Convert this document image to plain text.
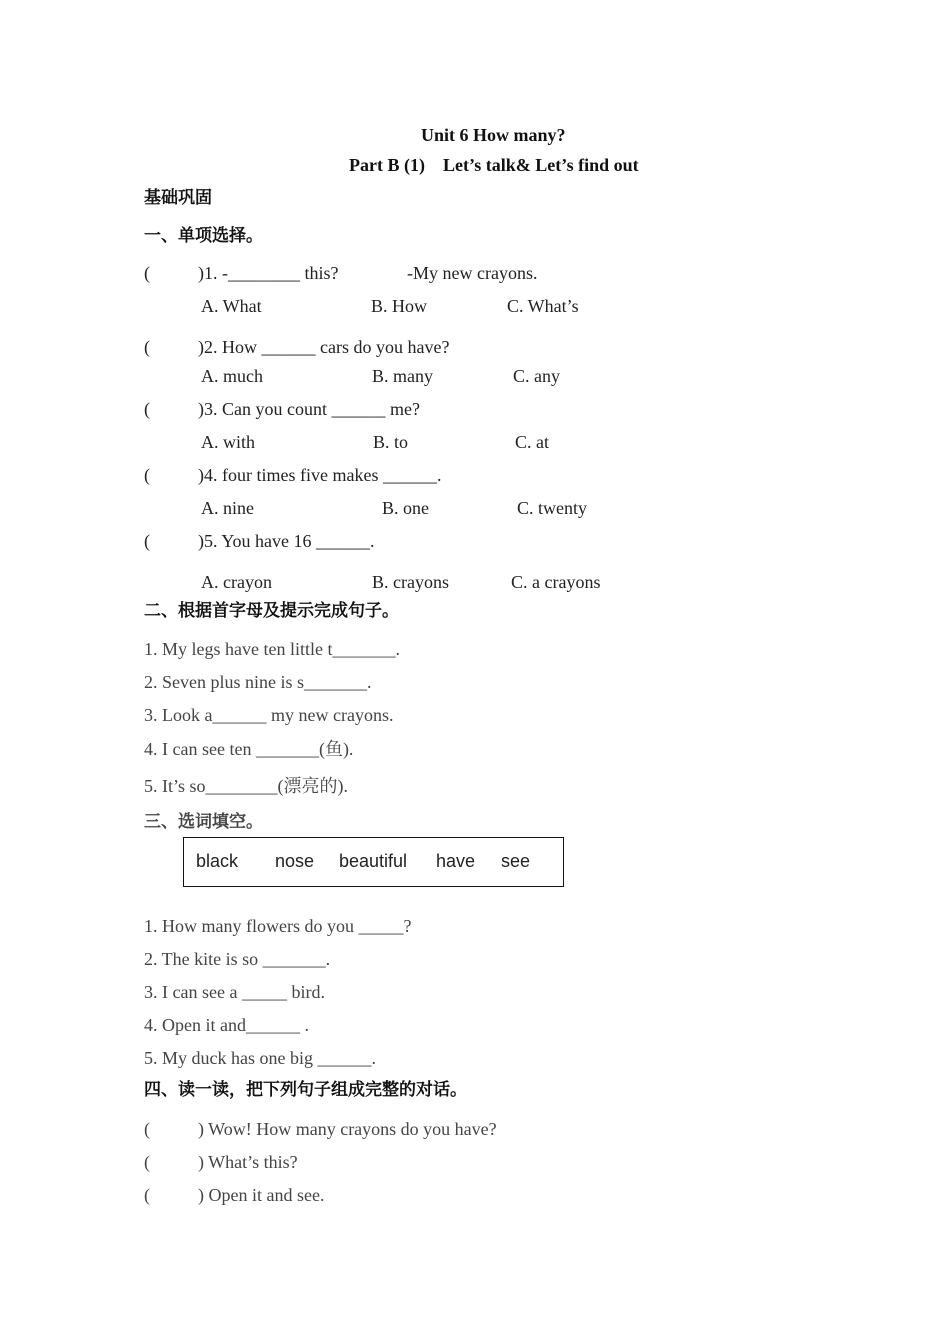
Unit 6 How many?
Part B (1)    Let’s talk& Let’s find out
基础巩固
一、单项选择。
(	)1. -________ this?	-My new crayons.
A. What	B. How	C. What’s
(	)2. How ______ cars do you have?
A. much	B. many	C. any
(	)3. Can you count ______ me?
A. with	B. to	C. at
(	)4. four times five makes ______.
A. nine	B. one	C. twenty
(	)5. You have 16 ______.
A. crayon	B. crayons	C. a crayons
二、根据首字母及提示完成句子。
1. My legs have ten little t_______.
2. Seven plus nine is s_______.
3. Look a______ my new crayons.
4. I can see ten _______(鱼).
5. It’s so________(漂亮的).
三、选词填空。
black nose beautiful have see
1. How many flowers do you _____?
2. The kite is so _______.
3. I can see a _____ bird.
4. Open it and______ .
5. My duck has one big ______.
四、读一读，把下列句子组成完整的对话。
(	) Wow! How many crayons do you have?
(	) What’s this?
(	) Open it and see.
